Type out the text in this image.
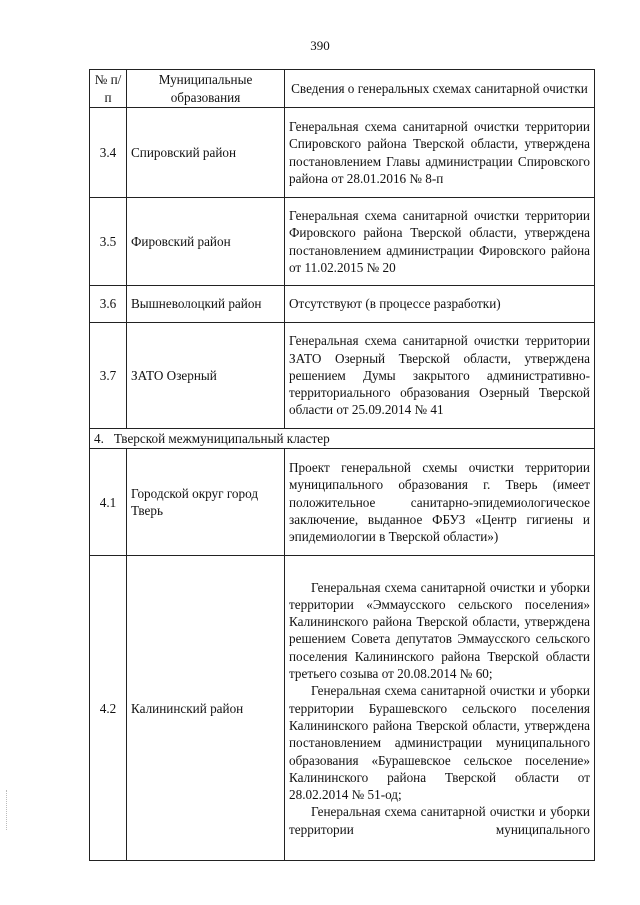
390
№ п/п	Муниципальные образования	Сведения о генеральных схемах санитарной очистки
3.4	Спировский район	Генеральная схема санитарной очистки территории Спировского района Тверской области, утверждена постановлением Главы администрации Спировского района от 28.01.2016 № 8-п

3.5	Фировский район	Генеральная схема санитарной очистки территории Фировского района Тверской области, утверждена постановлением администрации Фировского района от 11.02.2015 № 20

3.6	Вышневолоцкий район	Отсутствуют (в процессе разработки)
3.7	ЗАТО Озерный	Генеральная схема санитарной очистки территории ЗАТО Озерный Тверской области, утверждена решением Думы закрытого административно-территориального образования Озерный Тверской области от 25.09.2014 № 41

4. Тверской межмуниципальный кластер		
4.1	Городской округ город Тверь	Проект генеральной схемы очистки территории муниципального образования г. Тверь (имеет положительное санитарно-эпидемиологическое заключение, выданное ФБУЗ «Центр гигиены и эпидемиологии в Тверской области»)

4.2	Калининский район	Генеральная схема санитарной очистки и уборки территории «Эммаусского сельского поселения» Калининского района Тверской области, утверждена решением Совета депутатов Эммаусского сельского поселения Калининского района Тверской области третьего созыва от 20.08.2014 № 60;

Генеральная схема санитарной очистки и уборки территории Бурашевского сельского поселения Калининского района Тверской области, утверждена постановлением администрации муниципального образования «Бурашевское сельское поселение» Калининского района Тверской области от 28.02.2014 № 51-од;

Генеральная схема санитарной очистки и уборки территории муниципального
